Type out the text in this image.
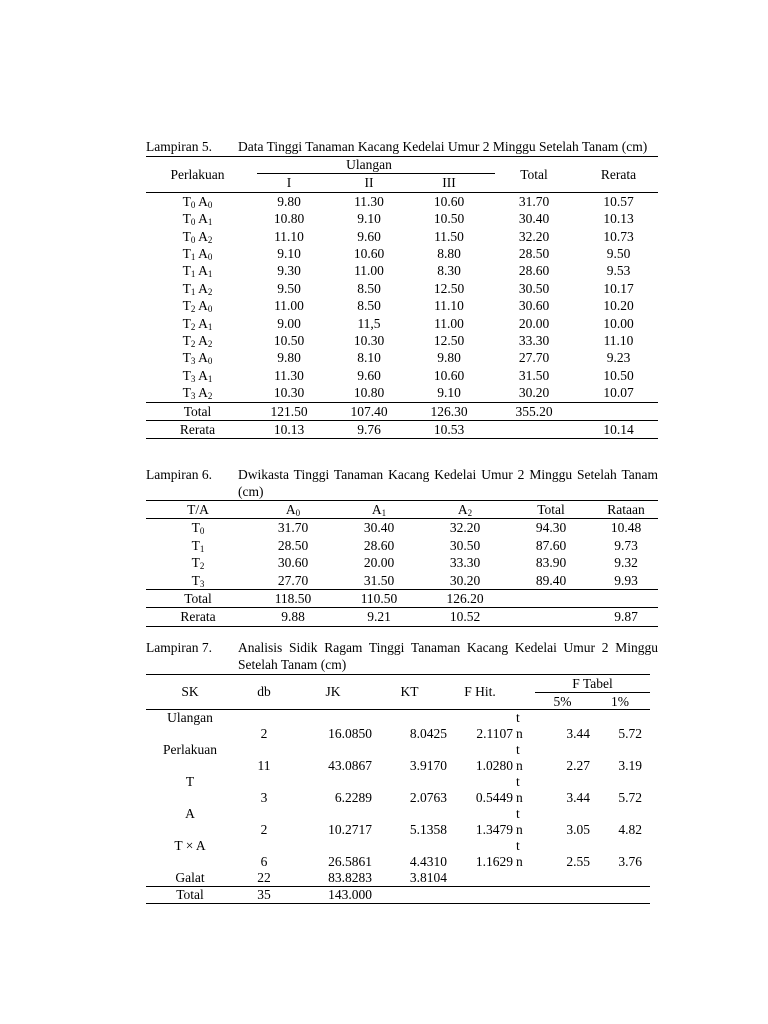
Lampiran 5.	Data Tinggi Tanaman Kacang Kedelai Umur 2 Minggu Setelah Tanam (cm)
Perlakuan	Ulangan			Total	Rerata
	I	II	III		
$T_0$ $A_0$	9.80	11.30	10.60	31.70	10.57
$T_0$ $A_1$	10.80	9.10	10.50	30.40	10.13
$T_0$ $A_2$	11.10	9.60	11.50	32.20	10.73
$T_1$ $A_0$	9.10	10.60	8.80	28.50	9.50
$T_1$ $A_1$	9.30	11.00	8.30	28.60	9.53
$T_1$ $A_2$	9.50	8.50	12.50	30.50	10.17
$T_2$ $A_0$	11.00	8.50	11.10	30.60	10.20
$T_2$ $A_1$	9.00	11,5	11.00	20.00	10.00
$T_2$ $A_2$	10.50	10.30	12.50	33.30	11.10
$T_3$ $A_0$	9.80	8.10	9.80	27.70	9.23
$T_3$ $A_1$	11.30	9.60	10.60	31.50	10.50
$T_3$ $A_2$	10.30	10.80	9.10	30.20	10.07
Total	121.50	107.40	126.30	355.20	
Rerata	10.13	9.76	10.53		10.14
Lampiran 6.	Dwikasta Tinggi Tanaman Kacang Kedelai Umur 2 Minggu Setelah Tanam (cm)
T/A	$A_0$	$A_1$	$A_2$	Total	Rataan
$T_0$	31.70	30.40	32.20	94.30	10.48
$T_1$	28.50	28.60	30.50	87.60	9.73
$T_2$	30.60	20.00	33.30	83.90	9.32
$T_3$	27.70	31.50	30.20	89.40	9.93
Total	118.50	110.50	126.20		
Rerata	9.88	9.21	10.52		9.87
Lampiran 7.	Analisis Sidik Ragam Tinggi Tanaman Kacang Kedelai Umur 2 Minggu Setelah Tanam (cm)
SK	db	JK	KT	F Hit.		F Tabel	
						5%	1%
Ulangan					t		
	2	16.0850	8.0425	2.1107	n	3.44	5.72
Perlakuan					t		
	11	43.0867	3.9170	1.0280	n	2.27	3.19
T					t		
	3	6.2289	2.0763	0.5449	n	3.44	5.72
A					t		
	2	10.2717	5.1358	1.3479	n	3.05	4.82
T × A					t		
	6	26.5861	4.4310	1.1629	n	2.55	3.76
Galat	22	83.8283	3.8104				
Total	35	143.000					
